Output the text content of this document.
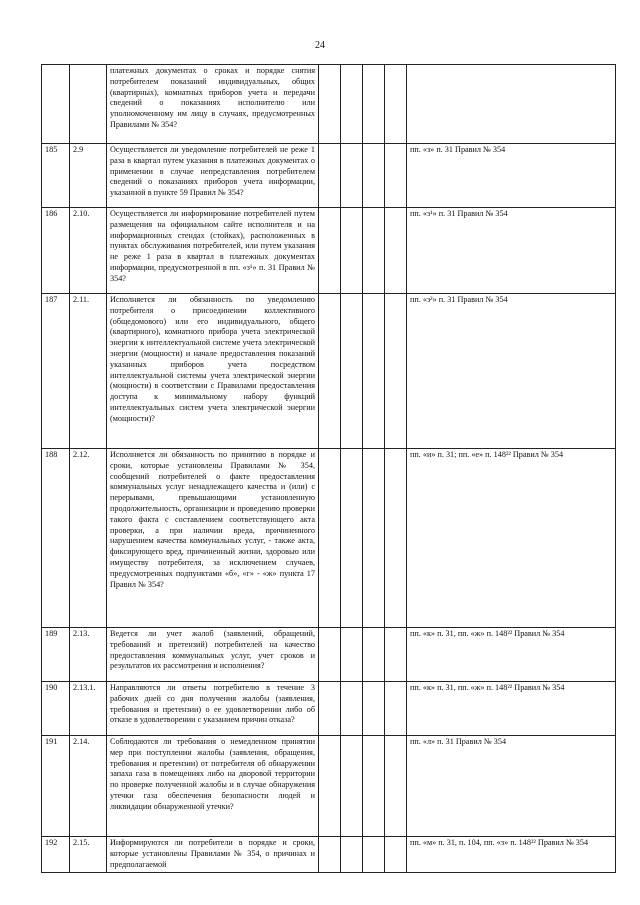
24
		платежных документах о сроках и порядке снятия потребителем показаний индивидуальных, общих (квартирных), комнатных приборов учета и передачи сведений о показаниях исполнителю или уполномоченному им лицу в случаях, предусмотренных Правилами № 354?					
185	2.9	Осуществляется ли уведомление потребителей не реже 1 раза в квартал путем указания в платежных документах о применении в случае непредставления потребителем сведений о показаниях приборов учета информации, указанной в пункте 59 Правил № 354?					пп. «з» п. 31 Правил № 354
186	2.10.	Осуществляется ли информирование потребителей путем размещения на официальном сайте исполнителя и на информационных стендах (стойках), расположенных в пунктах обслуживания потребителей, или путем указания не реже 1 раза в квартал в платежных документах информации, предусмотренной в пп. «з¹» п. 31 Правил № 354?					пп. «з¹» п. 31 Правил № 354
187	2.11.	Исполняется ли обязанность по уведомлению потребителя о присоединении коллективного (общедомового) или его индивидуального, общего (квартирного), комнатного прибора учета электрической энергии к интеллектуальной системе учета электрической энергии (мощности) и начале предоставления показаний указанных приборов учета посредством интеллектуальной системы учета электрической энергии (мощности) в соответствии с Правилами предоставления доступа к минимальному набору функций интеллектуальных систем учета электрической энергии (мощности)?					пп. «з²» п. 31 Правил № 354
188	2.12.	Исполняется ли обязанность по принятию в порядке и сроки, которые установлены Правилами № 354, сообщений потребителей о факте предоставления коммунальных услуг ненадлежащего качества и (или) с перерывами, превышающими установленную продолжительность, организации и проведению проверки такого факта с составлением соответствующего акта проверки, а при наличии вреда, причиненного нарушением качества коммунальных услуг, - также акта, фиксирующего вред, причиненный жизни, здоровью или имуществу потребителя, за исключением случаев, предусмотренных подпунктами «б», «г» - «ж» пункта 17 Правил № 354?					пп. «и» п. 31; пп. «е» п. 148²² Правил № 354
189	2.13.	Ведется ли учет жалоб (заявлений, обращений, требований и претензий) потребителей на качество предоставления коммунальных услуг, учет сроков и результатов их рассмотрения и исполнения?					пп. «к» п. 31, пп. «ж» п. 148²² Правил № 354
190	2.13.1.	Направляются ли ответы потребителю в течение 3 рабочих дней со дня получения жалобы (заявления, требования и претензии) о ее удовлетворении либо об отказе в удовлетворении с указанием причин отказа?					пп. «к» п. 31, пп. «ж» п. 148²² Правил № 354
191	2.14.	Соблюдаются ли требования о немедленном принятии мер при поступлении жалобы (заявления, обращения, требования и претензии) от потребителя об обнаружении запаха газа в помещениях либо на дворовой территории по проверке полученной жалобы и в случае обнаружения утечки газа обеспечения безопасности людей и ликвидации обнаруженной утечки?					пп. «л» п. 31 Правил № 354
192	2.15.	Информируются ли потребители в порядке и сроки, которые установлены Правилами № 354, о причинах и предполагаемой					пп. «м» п. 31, п. 104, пп. «з» п. 148²² Правил № 354
